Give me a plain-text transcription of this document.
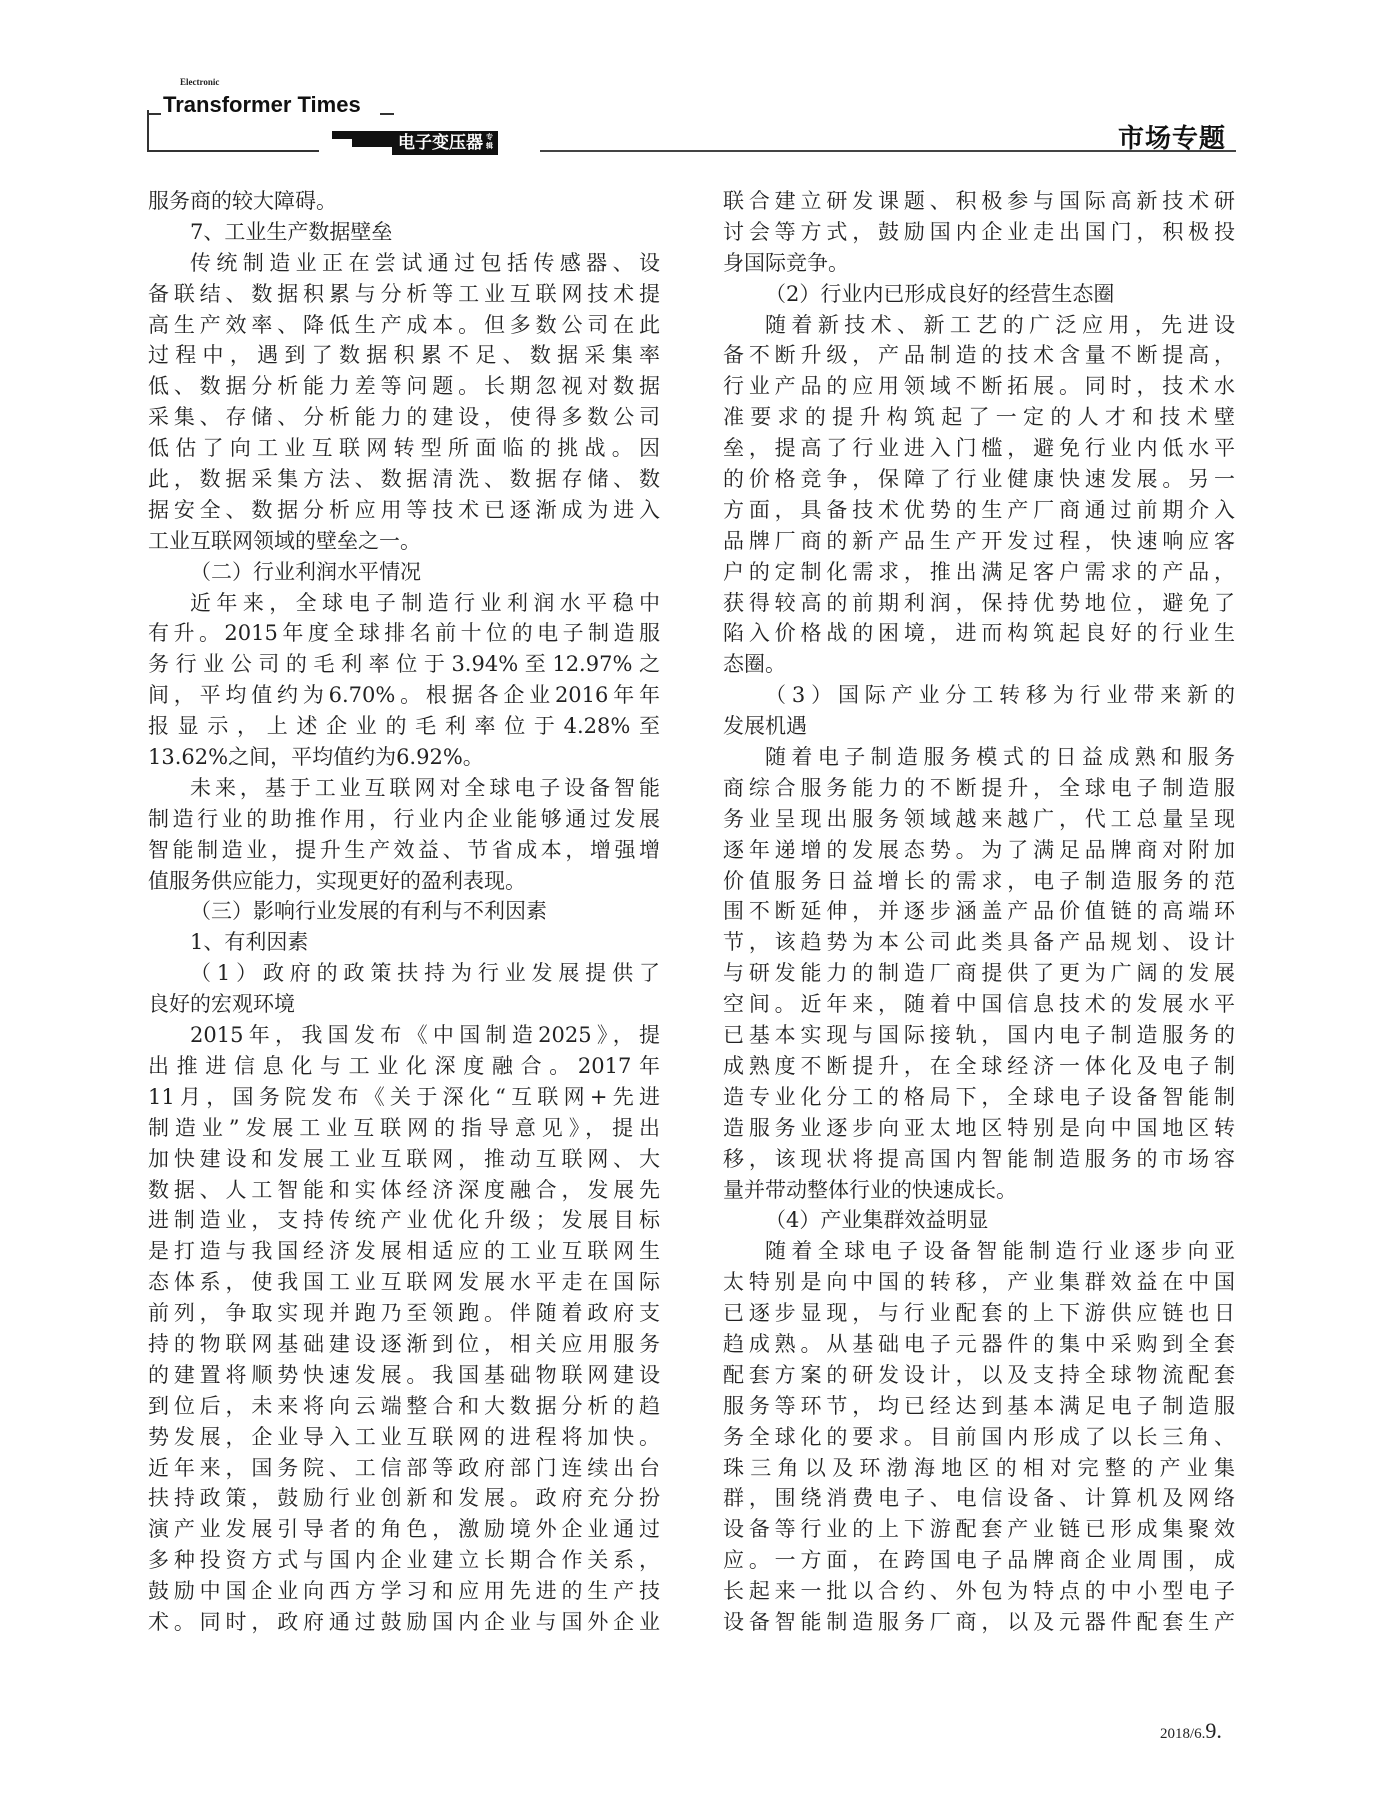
Electronic
Transformer Times
电子变压器 专辑	市场专题
服务商的较大障碍。
7、工业生产数据壁垒
传统制造业正在尝试通过包括传感器、设
备联结、数据积累与分析等工业互联网技术提
高生产效率、降低生产成本。但多数公司在此
过程中，遇到了数据积累不足、数据采集率
低、数据分析能力差等问题。长期忽视对数据
采集、存储、分析能力的建设，使得多数公司
低估了向工业互联网转型所面临的挑战。因
此，数据采集方法、数据清洗、数据存储、数
据安全、数据分析应用等技术已逐渐成为进入
工业互联网领域的壁垒之一。
（二）行业利润水平情况
近年来，全球电子制造行业利润水平稳中
有升。2015年度全球排名前十位的电子制造服
务行业公司的毛利率位于3.94%至12.97%之
间，平均值约为6.70%。根据各企业2016年年
报显示，上述企业的毛利率位于4.28%至
13.62%之间，平均值约为6.92%。
未来，基于工业互联网对全球电子设备智能
制造行业的助推作用，行业内企业能够通过发展
智能制造业，提升生产效益、节省成本，增强增
值服务供应能力，实现更好的盈利表现。
（三）影响行业发展的有利与不利因素
1、有利因素
（1）政府的政策扶持为行业发展提供了
良好的宏观环境
2015年，我国发布《中国制造2025》，提
出推进信息化与工业化深度融合。2017年
11月，国务院发布《关于深化“互联网+先进
制造业”发展工业互联网的指导意见》，提出
加快建设和发展工业互联网，推动互联网、大
数据、人工智能和实体经济深度融合，发展先
进制造业，支持传统产业优化升级；发展目标
是打造与我国经济发展相适应的工业互联网生
态体系，使我国工业互联网发展水平走在国际
前列，争取实现并跑乃至领跑。伴随着政府支
持的物联网基础建设逐渐到位，相关应用服务
的建置将顺势快速发展。我国基础物联网建设
到位后，未来将向云端整合和大数据分析的趋
势发展，企业导入工业互联网的进程将加快。
近年来，国务院、工信部等政府部门连续出台
扶持政策，鼓励行业创新和发展。政府充分扮
演产业发展引导者的角色，激励境外企业通过
多种投资方式与国内企业建立长期合作关系，
鼓励中国企业向西方学习和应用先进的生产技
术。同时，政府通过鼓励国内企业与国外企业
联合建立研发课题、积极参与国际高新技术研
讨会等方式，鼓励国内企业走出国门，积极投
身国际竞争。
（2）行业内已形成良好的经营生态圈
随着新技术、新工艺的广泛应用，先进设
备不断升级，产品制造的技术含量不断提高，
行业产品的应用领域不断拓展。同时，技术水
准要求的提升构筑起了一定的人才和技术壁
垒，提高了行业进入门槛，避免行业内低水平
的价格竞争，保障了行业健康快速发展。另一
方面，具备技术优势的生产厂商通过前期介入
品牌厂商的新产品生产开发过程，快速响应客
户的定制化需求，推出满足客户需求的产品，
获得较高的前期利润，保持优势地位，避免了
陷入价格战的困境，进而构筑起良好的行业生
态圈。
（3）国际产业分工转移为行业带来新的
发展机遇
随着电子制造服务模式的日益成熟和服务
商综合服务能力的不断提升，全球电子制造服
务业呈现出服务领域越来越广，代工总量呈现
逐年递增的发展态势。为了满足品牌商对附加
价值服务日益增长的需求，电子制造服务的范
围不断延伸，并逐步涵盖产品价值链的高端环
节，该趋势为本公司此类具备产品规划、设计
与研发能力的制造厂商提供了更为广阔的发展
空间。近年来，随着中国信息技术的发展水平
已基本实现与国际接轨，国内电子制造服务的
成熟度不断提升，在全球经济一体化及电子制
造专业化分工的格局下，全球电子设备智能制
造服务业逐步向亚太地区特别是向中国地区转
移，该现状将提高国内智能制造服务的市场容
量并带动整体行业的快速成长。
（4）产业集群效益明显
随着全球电子设备智能制造行业逐步向亚
太特别是向中国的转移，产业集群效益在中国
已逐步显现，与行业配套的上下游供应链也日
趋成熟。从基础电子元器件的集中采购到全套
配套方案的研发设计，以及支持全球物流配套
服务等环节，均已经达到基本满足电子制造服
务全球化的要求。目前国内形成了以长三角、
珠三角以及环渤海地区的相对完整的产业集
群，围绕消费电子、电信设备、计算机及网络
设备等行业的上下游配套产业链已形成集聚效
应。一方面，在跨国电子品牌商企业周围，成
长起来一批以合约、外包为特点的中小型电子
设备智能制造服务厂商，以及元器件配套生产
2018/6.9.
